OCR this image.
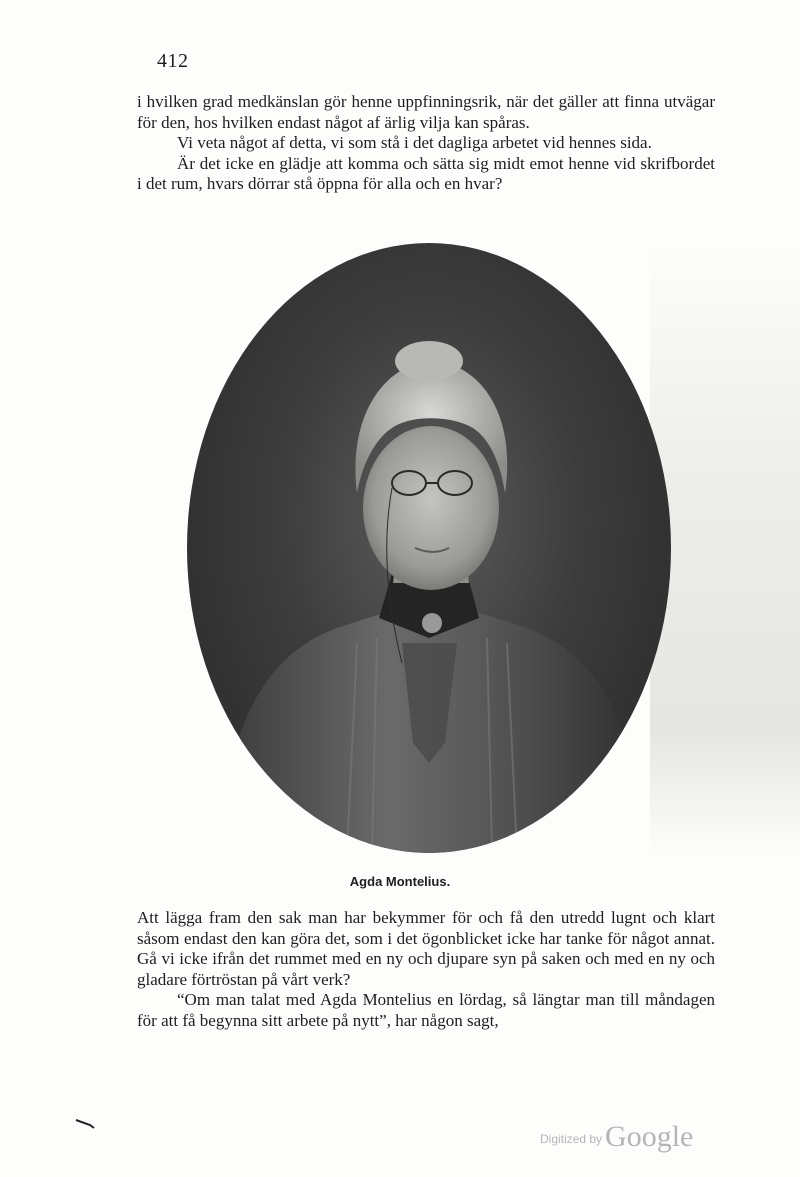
412

i hvilken grad medkänslan gör henne uppfinningsrik, när det gäller att finna utvägar för den, hos hvilken endast något af ärlig vilja kan spåras.

Vi veta något af detta, vi som stå i det dagliga arbetet vid hennes sida.

Är det icke en glädje att komma och sätta sig midt emot henne vid skrifbordet i det rum, hvars dörrar stå öppna för alla och en hvar?

Agda Montelius.

Att lägga fram den sak man har bekymmer för och få den utredd lugnt och klart såsom endast den kan göra det, som i det ögonblicket icke har tanke för något annat. Gå vi icke ifrån det rummet med en ny och djupare syn på saken och med en ny och gladare förtröstan på vårt verk?

“Om man talat med Agda Montelius en lördag, så längtar man till måndagen för att få begynna sitt arbete på nytt”, har någon sagt,

Digitized by Google
